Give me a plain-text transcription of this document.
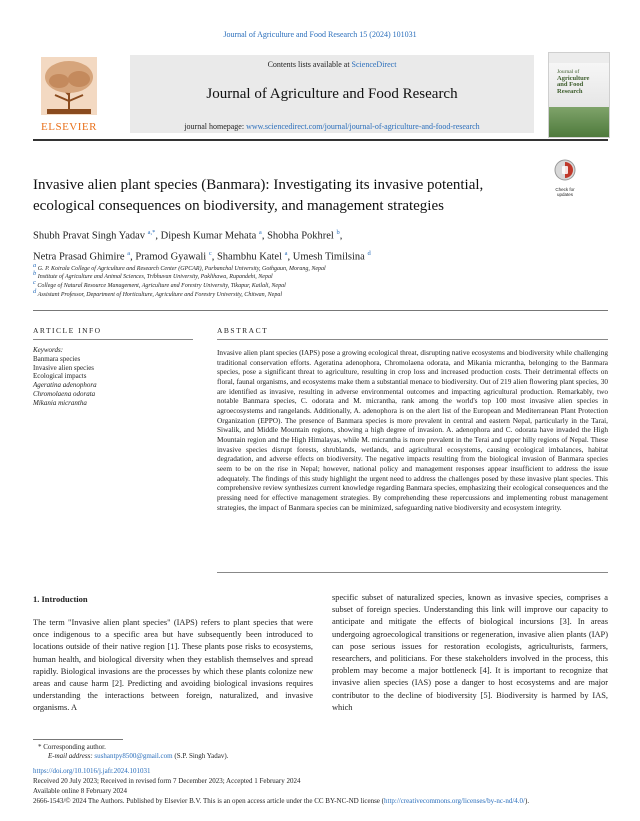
Journal of Agriculture and Food Research 15 (2024) 101031
ELSEVIER
Contents lists available at ScienceDirect
Journal of Agriculture and Food Research
journal homepage: www.sciencedirect.com/journal/journal-of-agriculture-and-food-research
Journal of
Agriculture
and Food
Research
Invasive alien plant species (Banmara): Investigating its invasive potential,
ecological consequences on biodiversity, and management strategies
Check for updates
Shubh Pravat Singh Yadav $^{a,*}$, Dipesh Kumar Mehata $^a$, Shobha Pokhrel $^b$,
Netra Prasad Ghimire $^a$, Pramod Gyawali $^c$, Shambhu Katel $^a$, Umesh Timilsina $^d$
$^a$ G. P. Koirala College of Agriculture and Research Center (GPCAR), Purbanchal University, Gothgaun, Morang, Nepal
$^b$ Institute of Agriculture and Animal Sciences, Tribhuvan University, Paklihawa, Rupandehi, Nepal
$^c$ College of Natural Resource Management, Agriculture and Forestry University, Tikapur, Kailali, Nepal
$^d$ Assistant Professor, Department of Horticulture, Agriculture and Forestry University, Chitwan, Nepal
ARTICLE INFO	ABSTRACT
Keywords:
Banmara species
Invasive alien species
Ecological impacts
Ageratina adenophora
Chromolaena odorata
Mikania micrantha
Invasive alien plant species (IAPS) pose a growing ecological threat, disrupting native ecosystems and biodiversity while challenging traditional conservation efforts. Ageratina adenophora, Chromolaena odorata, and Mikania micrantha, belonging to the Banmara species, pose a significant threat to agriculture, resulting in crop loss and increased production costs. Their detrimental effects on floral, faunal organisms, and ecosystems make them a substantial menace to biodiversity. Out of 219 alien flowering plant species, 30 are identified as invasive, resulting in adverse environmental outcomes and impacting agricultural production. Remarkably, two notable Banmara species, C. odorata and M. micrantha, rank among the world's top 100 most invasive alien species in agroecosystems and rangelands. Additionally, A. adenophora is on the alert list of the European and Mediterranean Plant Protection Organization (EPPO). The presence of Banmara species is more prevalent in central and eastern Nepal, particularly in the Tarai, Siwalik, and Middle Mountain regions, showing a high degree of invasion. A. adenophora and C. odorata have invaded the High Mountain region and the High Himalayas, while M. micrantha is more prevalent in the Terai and upper hilly regions of Nepal. These invasive species disrupt forests, shrublands, wetlands, and agricultural ecosystems, causing ecological imbalances, habitat degradation, and adverse effects on biodiversity. The negative impacts resulting from the biological invasion of Banmara species seem to be on the rise in Nepal; however, national policy and management responses appear insufficient to address the issue adequately. The findings of this study highlight the urgent need to address the challenges posed by these invasive plant species. This comprehensive review synthesizes current knowledge regarding Banmara species, emphasizing their ecological consequences and the pressing need for effective management strategies. By comprehending these repercussions and implementing robust management strategies, the impact of Banmara species can be minimized, safeguarding native biodiversity and ecosystem integrity.
1. Introduction
The term "Invasive alien plant species" (IAPS) refers to plant species that were once indigenous to a specific area but have subsequently been introduced to locations outside of their native region [1]. These plants pose risks to ecosystems, human health, and biological diversity when they establish themselves and spread rapidly. Biological invasions are the processes by which these plants colonize new areas and cause harm [2]. Predicting and avoiding biological invasions requires understanding the interactions between foreign, naturalized, and invasive organisms. A
specific subset of naturalized species, known as invasive species, comprises a subset of foreign species. Understanding this link will improve our capacity to anticipate and mitigate the effects of biological incursions [3]. In areas undergoing agroecological transitions or regeneration, invasive alien plants (IAP) can pose serious issues for restoration ecologists, agriculturists, farmers, researchers, and politicians. For these stakeholders involved in the process, this problem may become a major bottleneck [4]. It is important to recognize that invasive alien species (IAS) pose a danger to host ecosystems and are major contributor to the decline of biodiversity [5]. Biodiversity is harmed by IAS, which
* Corresponding author.
E-mail address: sushantpy8500@gmail.com (S.P. Singh Yadav).
https://doi.org/10.1016/j.jafr.2024.101031
Received 20 July 2023; Received in revised form 7 December 2023; Accepted 1 February 2024
Available online 8 February 2024
2666-1543/© 2024 The Authors. Published by Elsevier B.V. This is an open access article under the CC BY-NC-ND license (http://creativecommons.org/licenses/by-nc-nd/4.0/).
